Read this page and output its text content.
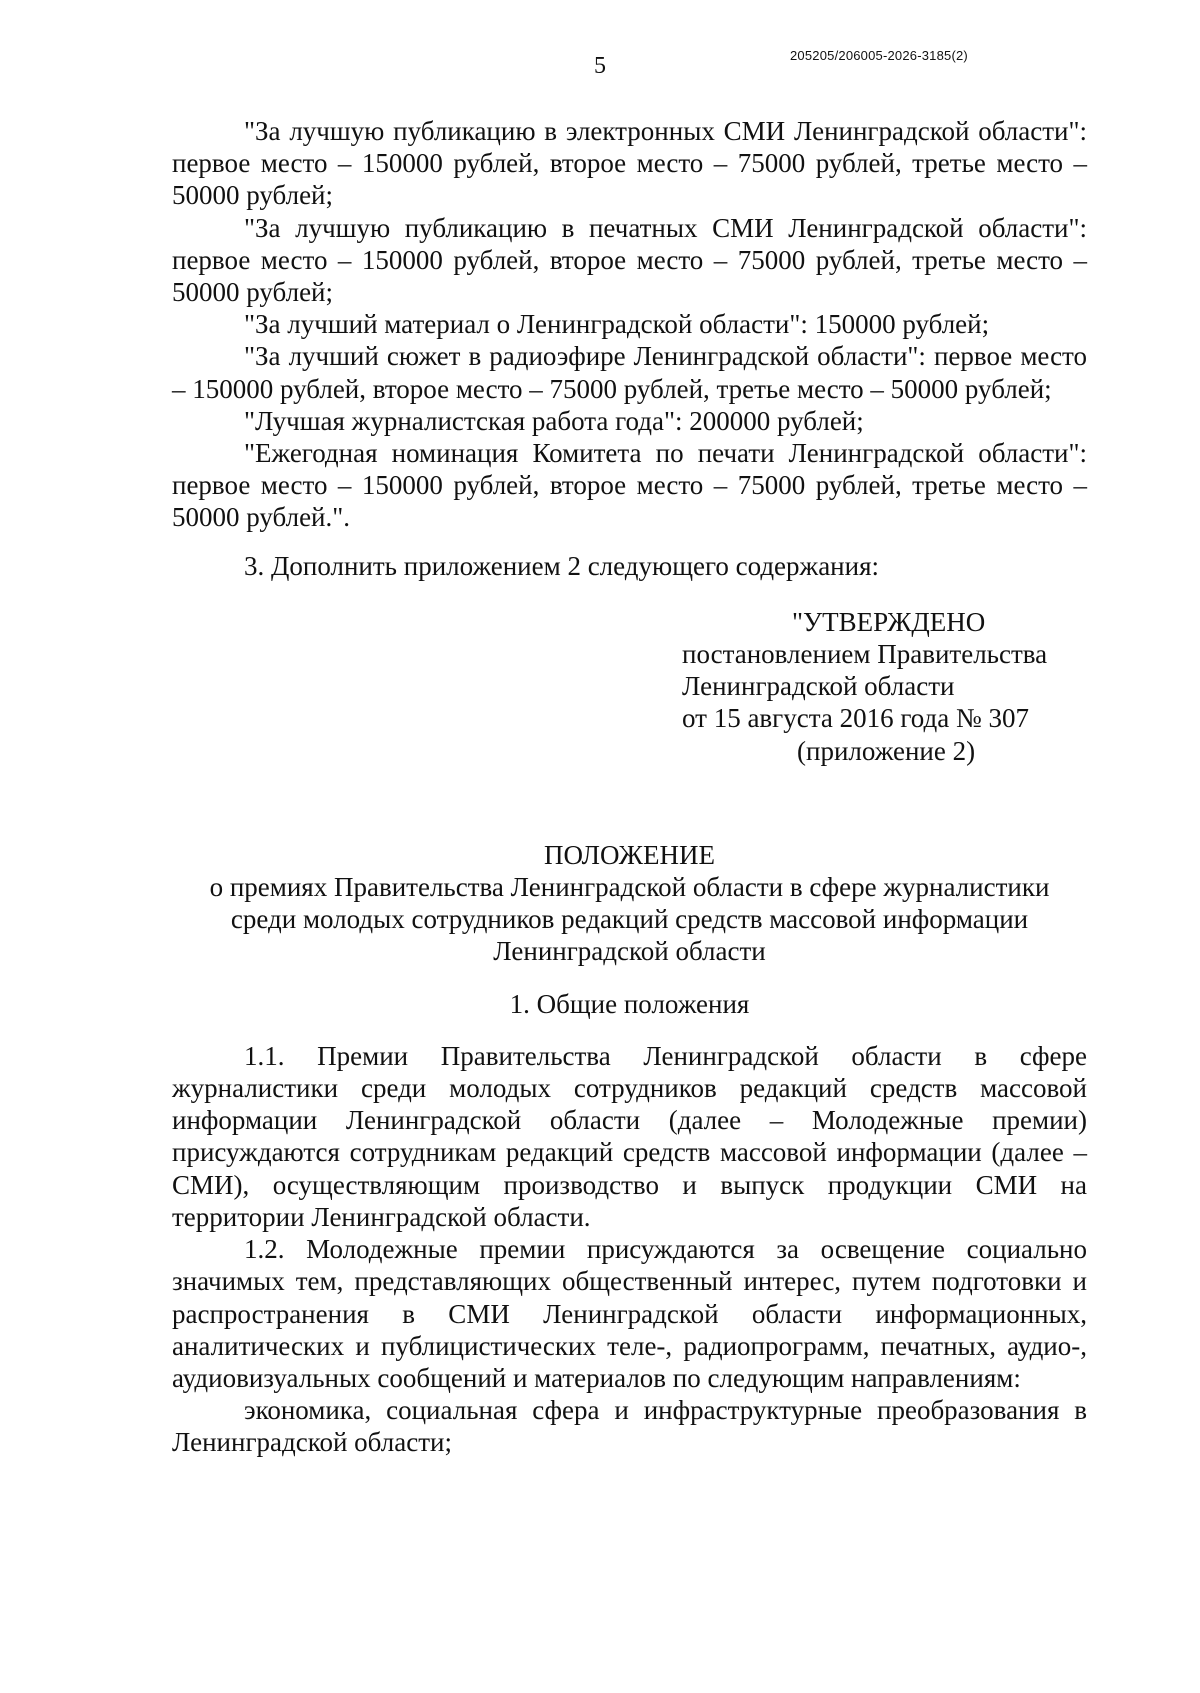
5	205205/206005-2026-3185(2)

"За лучшую публикацию в электронных СМИ Ленинградской области": первое место – 150000 рублей, второе место – 75000 рублей, третье место – 50000 рублей;

"За лучшую публикацию в печатных СМИ Ленинградской области": первое место – 150000 рублей, второе место – 75000 рублей, третье место – 50000 рублей;

"За лучший материал о Ленинградской области": 150000 рублей;

"За лучший сюжет в радиоэфире Ленинградской области": первое место – 150000 рублей, второе место – 75000 рублей, третье место – 50000 рублей;

"Лучшая журналистская работа года": 200000 рублей;

"Ежегодная номинация Комитета по печати Ленинградской области": первое место – 150000 рублей, второе место – 75000 рублей, третье место – 50000 рублей.".

3. Дополнить приложением 2 следующего содержания:

"УТВЕРЖДЕНО
постановлением Правительства
Ленинградской области
от 15 августа 2016 года № 307
(приложение 2)
ПОЛОЖЕНИЕ
о премиях Правительства Ленинградской области в сфере журналистики
среди молодых сотрудников редакций средств массовой информации
Ленинградской области
1. Общие положения

1.1. Премии Правительства Ленинградской области в сфере журналистики среди молодых сотрудников редакций средств массовой информации Ленинградской области (далее – Молодежные премии) присуждаются сотрудникам редакций средств массовой информации (далее – СМИ), осуществляющим производство и выпуск продукции СМИ на территории Ленинградской области.

1.2. Молодежные премии присуждаются за освещение социально значимых тем, представляющих общественный интерес, путем подготовки и распространения в СМИ Ленинградской области информационных, аналитических и публицистических теле-, радиопрограмм, печатных, аудио-, аудиовизуальных сообщений и материалов по следующим направлениям:

экономика, социальная сфера и инфраструктурные преобразования в Ленинградской области;
